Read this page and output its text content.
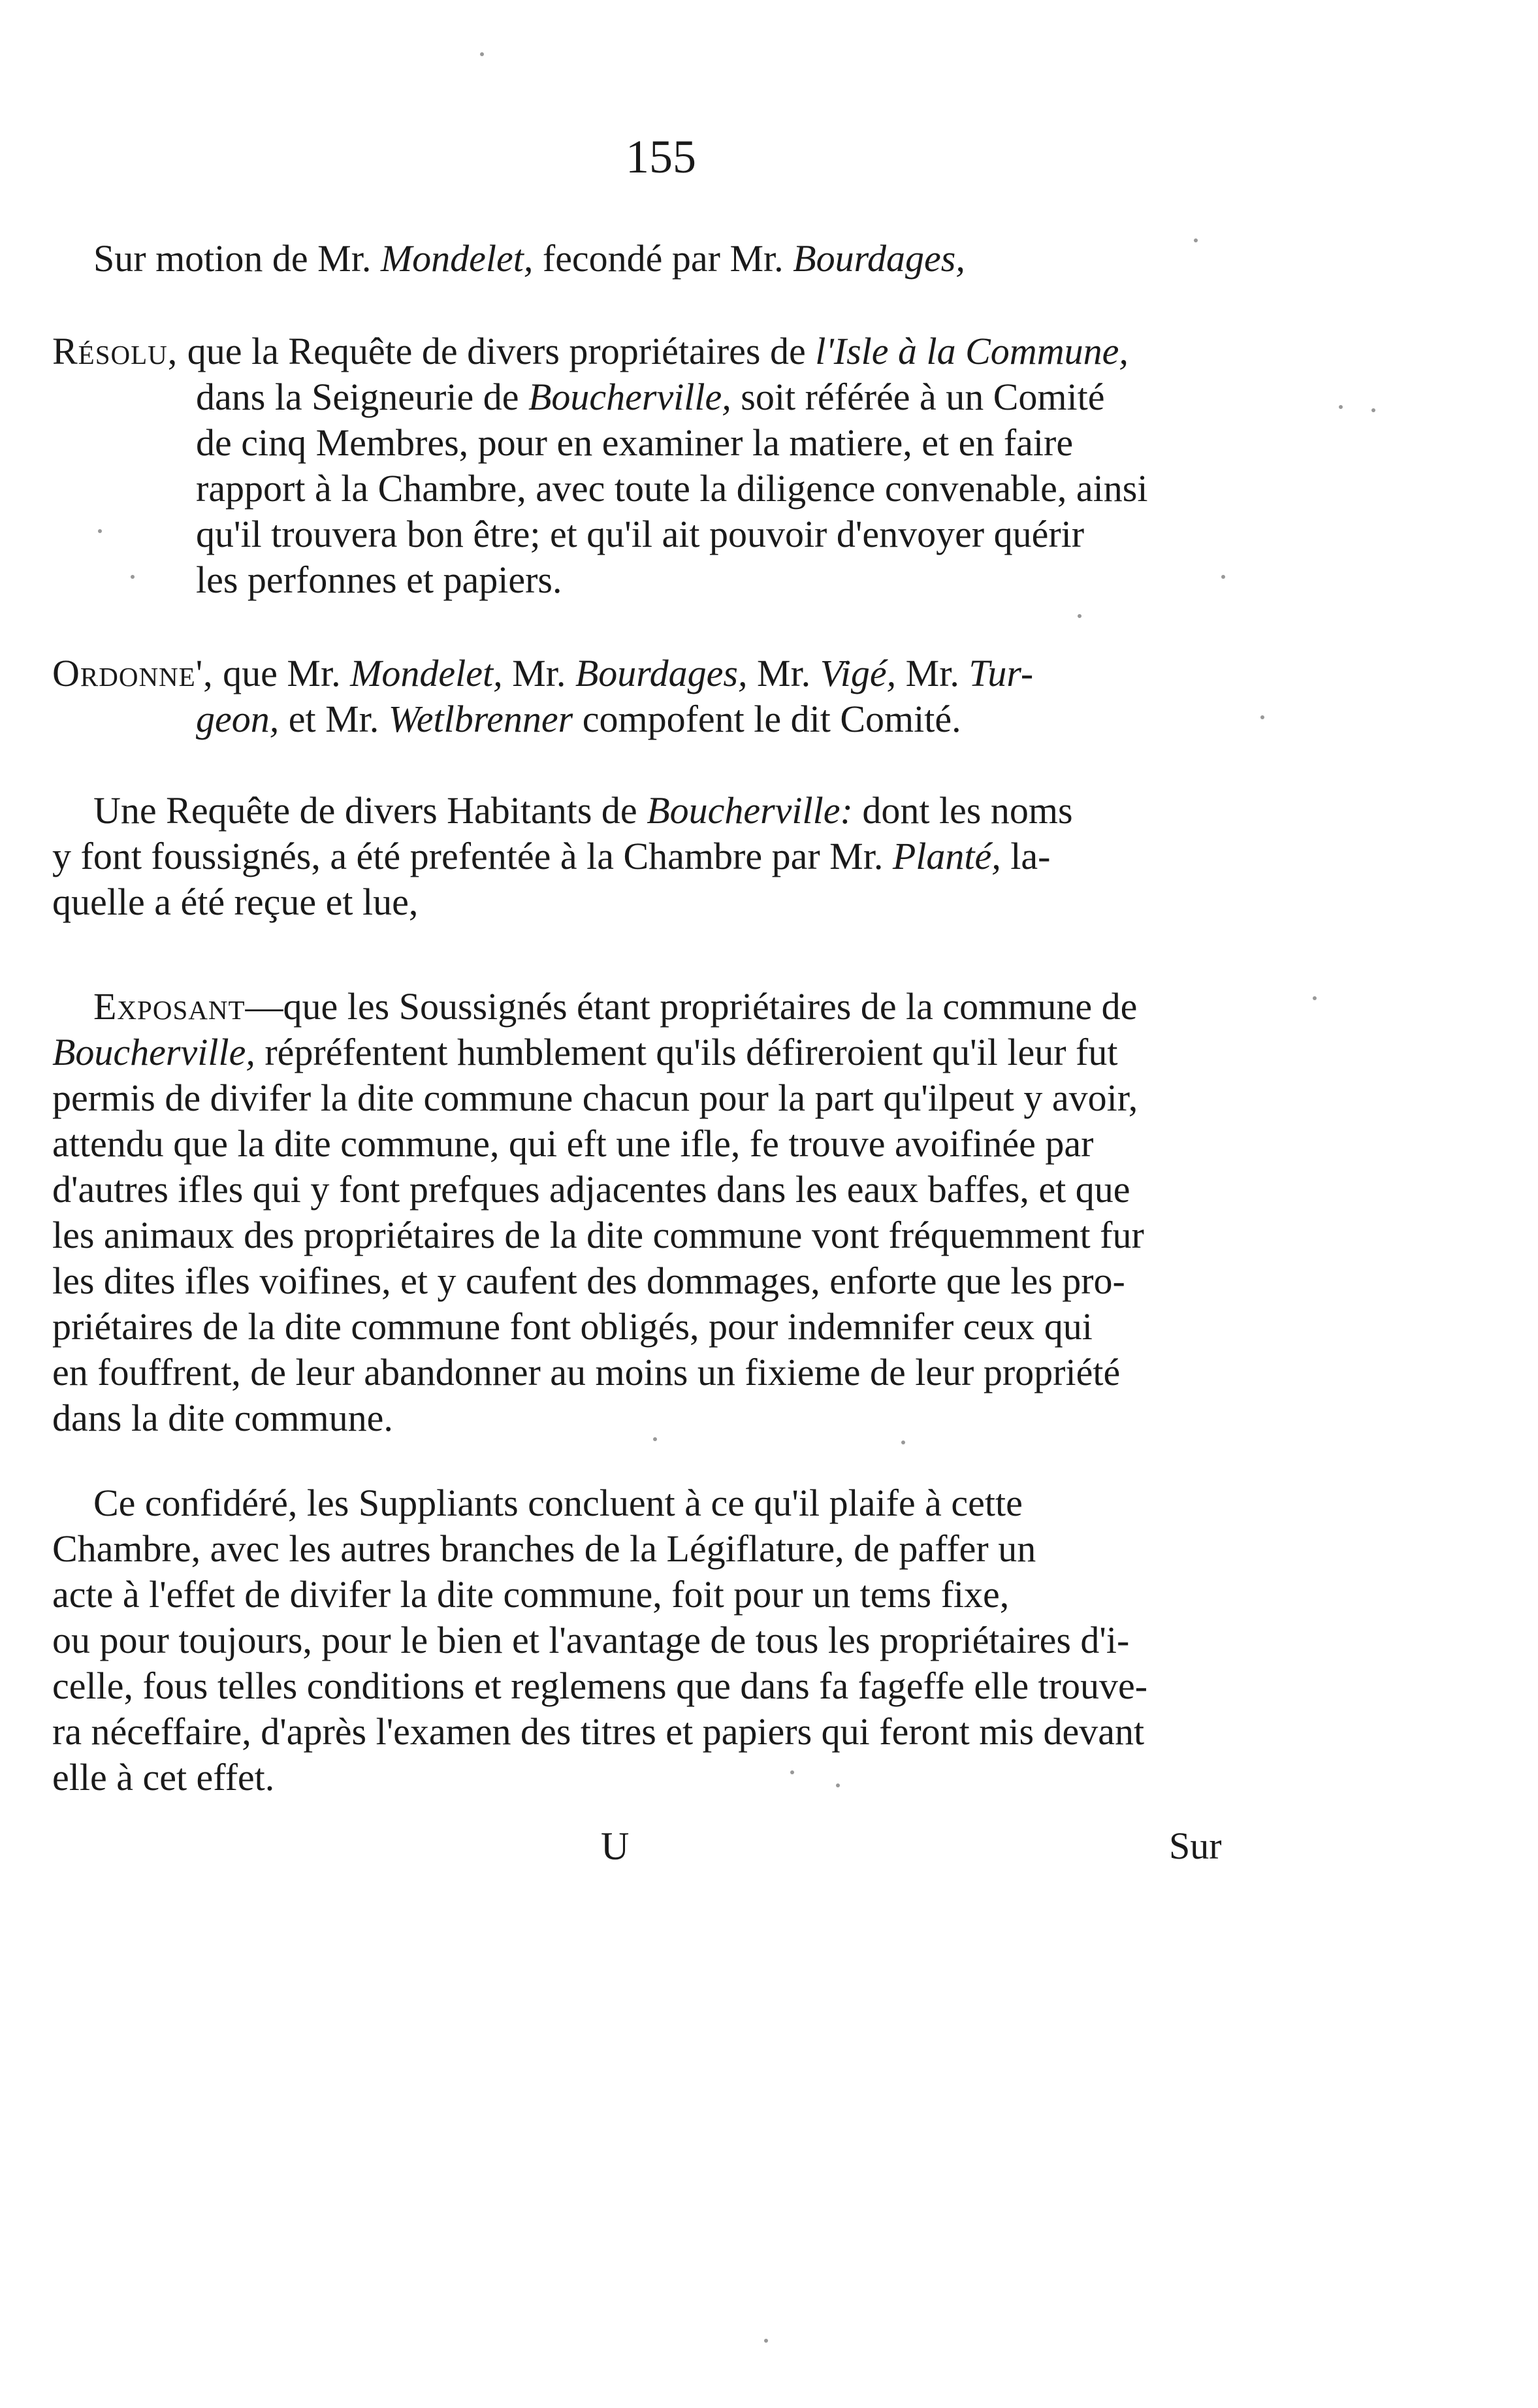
155
Sur motion de Mr. Mondelet, fecondé par Mr. Bourdages,
Résolu, que la Requête de divers propriétaires de l'Isle à la Commune,
dans la Seigneurie de Boucherville, soit référée à un Comité
de cinq Membres, pour en examiner la matiere, et en faire
rapport à la Chambre, avec toute la diligence convenable, ainsi
qu'il trouvera bon être; et qu'il ait pouvoir d'envoyer quérir
les perfonnes et papiers.
Ordonne', que Mr. Mondelet, Mr. Bourdages, Mr. Vigé, Mr. Tur-
geon, et Mr. Wetlbrenner compofent le dit Comité.
Une Requête de divers Habitants de Boucherville: dont les noms
y font foussignés, a été prefentée à la Chambre par Mr. Planté, la-
quelle a été reçue et lue,
Exposant—que les Soussignés étant propriétaires de la commune de
Boucherville, répréfentent humblement qu'ils défireroient qu'il leur fut
permis de divifer la dite commune chacun pour la part qu'ilpeut y avoir,
attendu que la dite commune, qui eft une ifle, fe trouve avoifinée par
d'autres ifles qui y font prefques adjacentes dans les eaux baffes, et que
les animaux des propriétaires de la dite commune vont fréquemment fur
les dites ifles voifines, et y caufent des dommages, enforte que les pro-
priétaires de la dite commune font obligés, pour indemnifer ceux qui
en fouffrent, de leur abandonner au moins un fixieme de leur propriété
dans la dite commune.
Ce confidéré, les Suppliants concluent à ce qu'il plaife à cette
Chambre, avec les autres branches de la Légiflature, de paffer un
acte à l'effet de divifer la dite commune, foit pour un tems fixe,
ou pour toujours, pour le bien et l'avantage de tous les propriétaires d'i-
celle, fous telles conditions et reglemens que dans fa fageffe elle trouve-
ra néceffaire, d'après l'examen des titres et papiers qui feront mis devant
elle à cet effet.
U	Sur
